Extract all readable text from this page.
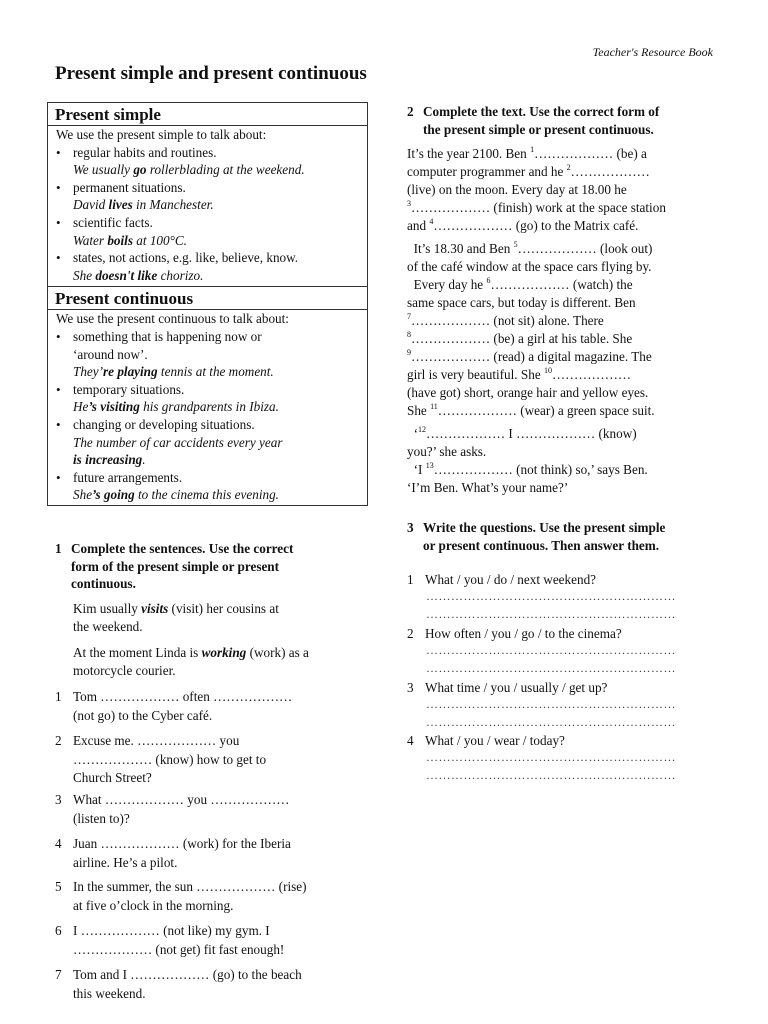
Teacher's Resource Book
Present simple and present continuous
Present simple
We use the present simple to talk about:
• regular habits and routines.
We usually go rollerblading at the weekend.
• permanent situations.
David lives in Manchester.
• scientific facts.
Water boils at 100°C.
• states, not actions, e.g. like, believe, know.
She doesn't like chorizo.
Present continuous
We use the present continuous to talk about:
• something that is happening now or
‘around now’.
They’re playing tennis at the moment.
• temporary situations.
He’s visiting his grandparents in Ibiza.
• changing or developing situations.
The number of car accidents every year
is increasing.
• future arrangements.
She’s going to the cinema this evening.
1 Complete the sentences. Use the correct
form of the present simple or present
continuous.
Kim usually visits (visit) her cousins at
the weekend.
At the moment Linda is working (work) as a
motorcycle courier.
2 Complete the text. Use the correct form of
the present simple or present continuous.
It’s the year 2100. Ben $^1$……………… (be) a
computer programmer and he $^2$………………
(live) on the moon. Every day at 18.00 he
$^3$……………… (finish) work at the space station
and $^4$……………… (go) to the Matrix café.
It’s 18.30 and Ben $^5$……………… (look out)
of the café window at the space cars flying by.
Every day he $^6$……………… (watch) the
same space cars, but today is different. Ben
$^7$……………… (not sit) alone. There
$^8$……………… (be) a girl at his table. She
$^9$……………… (read) a digital magazine. The
girl is very beautiful. She $^{10}$………………
(have got) short, orange hair and yellow eyes.
She $^{11}$……………… (wear) a green space suit.
‘$^{12}$……………… I ……………… (know)
you?’ she asks.
‘I $^{13}$……………… (not think) so,’ says Ben.
‘I’m Ben. What’s your name?’
3 Write the questions. Use the present simple
or present continuous. Then answer them.
1 Tom ……………… often ………………
(not go) to the Cyber café.
2 Excuse me. ……………… you
……………… (know) how to get to
Church Street?
3 What ……………… you ………………
(listen to)?
4 Juan ……………… (work) for the Iberia
airline. He’s a pilot.
5 In the summer, the sun ……………… (rise)
at five o’clock in the morning.
6 I ……………… (not like) my gym. I
……………… (not get) fit fast enough!
7 Tom and I ……………… (go) to the beach
this weekend.
1 What / you / do / next weekend?
……………………………………………………
……………………………………………………
2 How often / you / go / to the cinema?
……………………………………………………
……………………………………………………
3 What time / you / usually / get up?
……………………………………………………
……………………………………………………
4 What / you / wear / today?
……………………………………………………
……………………………………………………
